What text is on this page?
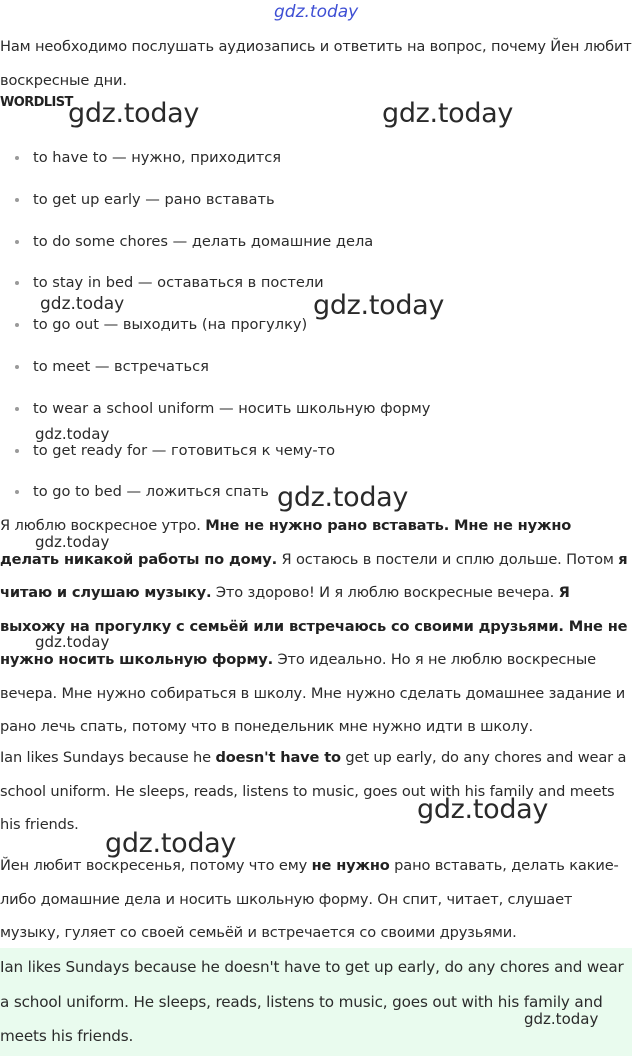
gdz.today
Нам необходимо послушать аудиозапись и ответить на вопрос, почему Йен любит воскресные дни.
WORDLIST
to have to — нужно, приходится
to get up early — рано вставать
to do some chores — делать домашние дела
to stay in bed — оставаться в постели
to go out — выходить (на прогулку)
to meet — встречаться
to wear a school uniform — носить школьную форму
to get ready for — готовиться к чему-то
to go to bed — ложиться спать
Я люблю воскресное утро. Мне не нужно рано вставать. Мне не нужно делать никакой работы по дому. Я остаюсь в постели и сплю дольше. Потом я читаю и слушаю музыку. Это здорово! И я люблю воскресные вечера. Я выхожу на прогулку с семьёй или встречаюсь со своими друзьями. Мне не нужно носить школьную форму. Это идеально. Но я не люблю воскресные вечера. Мне нужно собираться в школу. Мне нужно сделать домашнее задание и рано лечь спать, потому что в понедельник мне нужно идти в школу.
Ian likes Sundays because he doesn't have to get up early, do any chores and wear a school uniform. He sleeps, reads, listens to music, goes out with his family and meets his friends.
Йен любит воскресенья, потому что ему не нужно рано вставать, делать какие-либо домашние дела и носить школьную форму. Он спит, читает, слушает музыку, гуляет со своей семьёй и встречается со своими друзьями.
Ian likes Sundays because he doesn't have to get up early, do any chores and wear a school uniform. He sleeps, reads, listens to music, goes out with his family and meets his friends.
gdz.today	gdz.today
gdz.today	gdz.today
gdz.today
gdz.today
gdz.today
gdz.today
gdz.today
gdz.today
gdz.today
